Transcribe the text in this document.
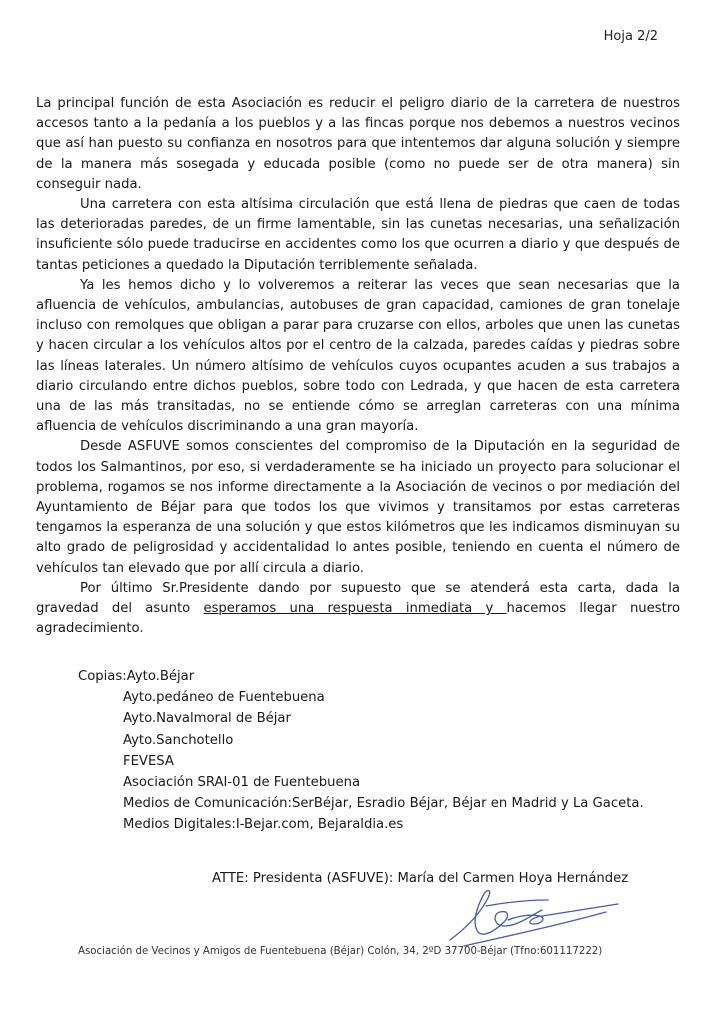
Hoja 2/2

La principal función de esta Asociación es reducir el peligro diario de la carretera de nuestros accesos tanto a la pedanía a los pueblos y a las fincas porque nos debemos a nuestros vecinos que así han puesto su confianza en nosotros para que intentemos dar alguna solución y siempre de la manera más sosegada y educada posible (como no puede ser de otra manera) sin conseguir nada.

Una carretera con esta altísima circulación que está llena de piedras que caen de todas las deterioradas paredes, de un firme lamentable, sin las cunetas necesarias, una señalización insuficiente sólo puede traducirse en accidentes como los que ocurren a diario y que después de tantas peticiones a quedado la Diputación terriblemente señalada.

Ya les hemos dicho y lo volveremos a reiterar las veces que sean necesarias que la afluencia de vehículos, ambulancias, autobuses de gran capacidad, camiones de gran tonelaje incluso con remolques que obligan a parar para cruzarse con ellos, arboles que unen las cunetas y hacen circular a los vehículos altos por el centro de la calzada, paredes caídas y piedras sobre las líneas laterales. Un número altísimo de vehículos cuyos ocupantes acuden a sus trabajos a diario circulando entre dichos pueblos, sobre todo con Ledrada, y que hacen de esta carretera una de las más transitadas, no se entiende cómo se arreglan carreteras con una mínima afluencia de vehículos discriminando a una gran mayoría.

Desde ASFUVE somos conscientes del compromiso de la Diputación en la seguridad de todos los Salmantinos, por eso, si verdaderamente se ha iniciado un proyecto para solucionar el problema, rogamos se nos informe directamente a la Asociación de vecinos o por mediación del Ayuntamiento de Béjar para que todos los que vivimos y transitamos por estas carreteras tengamos la esperanza de una solución y que estos kilómetros que les indicamos disminuyan su alto grado de peligrosidad y accidentalidad lo antes posible, teniendo en cuenta el número de vehículos tan elevado que por allí circula a diario.

Por último Sr.Presidente dando por supuesto que se atenderá esta carta, dada la gravedad del asunto esperamos una respuesta inmediata y hacemos llegar nuestro agradecimiento.

Copias:Ayto.Béjar
Ayto.pedáneo de Fuentebuena
Ayto.Navalmoral de Béjar
Ayto.Sanchotello
FEVESA
Asociación SRAI-01 de Fuentebuena
Medios de Comunicación:SerBéjar, Esradio Béjar, Béjar en Madrid y La Gaceta.
Medios Digitales:I-Bejar.com, Bejaraldia.es
ATTE: Presidenta (ASFUVE): María del Carmen Hoya Hernández
Asociación de Vecinos y Amigos de Fuentebuena (Béjar) Colón, 34, 2ºD 37700-Béjar (Tfno:601117222)
